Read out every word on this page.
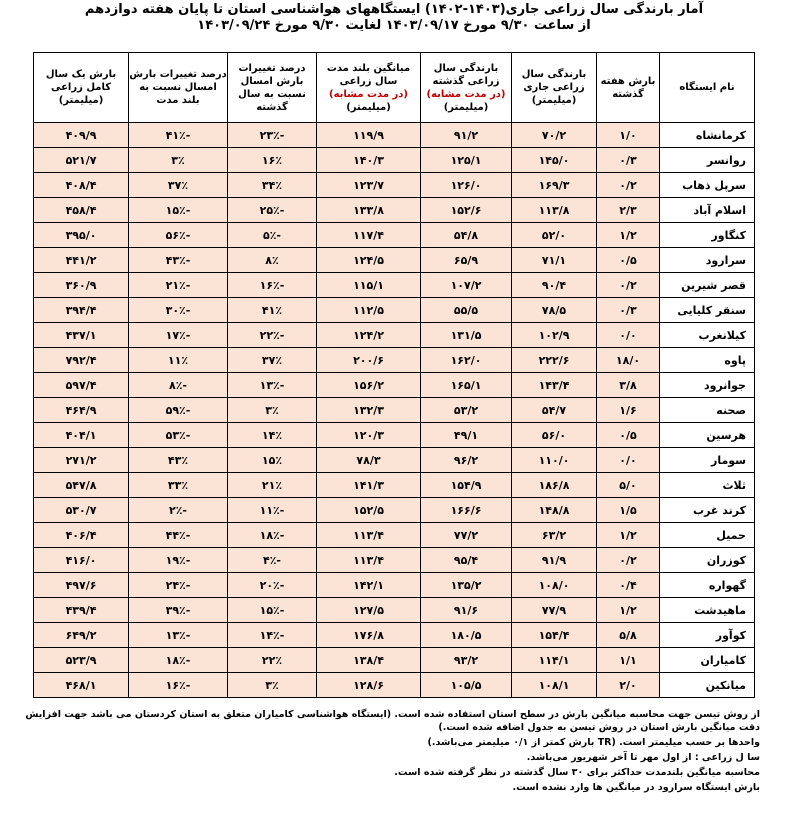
آمار بارندگی سال زراعی جاری(۱۴۰۳-۱۴۰۲) ایستگاههای هواشناسی استان تا پایان هفته دوازدهم
از ساعت ۹/۳۰ مورخ ۱۴۰۳/۰۹/۱۷ لغایت ۹/۳۰ مورخ ۱۴۰۳/۰۹/۲۴
نام ایستگاه	بارش هفته گذشته	بارندگی سال زراعی جاری (میلیمتر)	بارندگی سال زراعی گذشته
(در مدت مشابه)
(میلیمتر)	میانگین بلند مدت سال زراعی
(در مدت مشابه)
(میلیمتر)	درصد تغییرات بارش امسال نسبت به سال گذشته	درصد تغییرات بارش امسال نسبت به بلند مدت	بارش یک سال کامل زراعی (میلیمتر)
کرمانشاه	۱/۰	۷۰/۲	۹۱/۲	۱۱۹/۹	-۲۳٪	-۴۱٪	۴۰۹/۹
روانسر	۰/۳	۱۴۵/۰	۱۲۵/۱	۱۴۰/۳	۱۶٪	۳٪	۵۲۱/۷
سرپل ذهاب	۰/۲	۱۶۹/۳	۱۲۶/۰	۱۲۳/۷	۳۴٪	۳۷٪	۴۰۸/۴
اسلام آباد	۲/۳	۱۱۳/۸	۱۵۲/۶	۱۳۳/۸	-۲۵٪	-۱۵٪	۴۵۸/۴
کنگاور	۱/۲	۵۲/۰	۵۴/۸	۱۱۷/۴	-۵٪	-۵۶٪	۳۹۵/۰
سرارود	۰/۵	۷۱/۱	۶۵/۹	۱۲۴/۵	۸٪	-۴۳٪	۴۴۱/۲
قصر شیرین	۰/۲	۹۰/۴	۱۰۷/۲	۱۱۵/۱	-۱۶٪	-۲۱٪	۳۶۰/۹
سنقر کلیایی	۰/۳	۷۸/۵	۵۵/۵	۱۱۲/۵	۴۱٪	-۳۰٪	۳۹۴/۴
کیلانغرب	۰/۰	۱۰۲/۹	۱۳۱/۵	۱۲۴/۲	-۲۲٪	-۱۷٪	۴۳۷/۱
پاوه	۱۸/۰	۲۲۲/۶	۱۶۲/۰	۲۰۰/۶	۳۷٪	۱۱٪	۷۹۲/۴
جوانرود	۳/۸	۱۴۳/۴	۱۶۵/۱	۱۵۶/۲	-۱۳٪	-۸٪	۵۹۷/۴
صحنه	۱/۶	۵۴/۷	۵۳/۲	۱۳۲/۳	۳٪	-۵۹٪	۴۶۴/۹
هرسین	۰/۵	۵۶/۰	۴۹/۱	۱۲۰/۳	۱۴٪	-۵۳٪	۴۰۴/۱
سومار	۰/۰	۱۱۰/۰	۹۶/۲	۷۸/۳	۱۵٪	۴۳٪	۲۷۱/۲
ثلاث	۵/۰	۱۸۶/۸	۱۵۴/۹	۱۴۱/۳	۲۱٪	۳۳٪	۵۴۷/۸
کرند غرب	۱/۵	۱۴۸/۸	۱۶۶/۶	۱۵۲/۵	-۱۱٪	-۲٪	۵۳۰/۷
حمیل	۱/۲	۶۳/۲	۷۷/۲	۱۱۳/۴	-۱۸٪	-۴۴٪	۴۰۶/۴
کوزران	۰/۲	۹۱/۹	۹۵/۴	۱۱۳/۴	-۴٪	-۱۹٪	۴۱۶/۰
گهواره	۰/۴	۱۰۸/۰	۱۳۵/۲	۱۴۲/۱	-۲۰٪	-۲۴٪	۴۹۷/۶
ماهیدشت	۱/۲	۷۷/۹	۹۱/۶	۱۲۷/۵	-۱۵٪	-۳۹٪	۴۳۹/۴
کوآور	۵/۸	۱۵۴/۴	۱۸۰/۵	۱۷۶/۸	-۱۴٪	-۱۳٪	۶۴۹/۲
کامیاران	۱/۱	۱۱۴/۱	۹۳/۲	۱۳۸/۴	۲۲٪	-۱۸٪	۵۲۳/۹
میانکین	۲/۰	۱۰۸/۱	۱۰۵/۵	۱۲۸/۶	۳٪	-۱۶٪	۴۶۸/۱

از روش تیسن جهت محاسبه میانگین بارش در سطح استان استفاده شده است. (ایستگاه هواشناسی کامیاران متعلق به استان کردستان می باشد جهت افزایش دقت میانگین بارش استان در روش تیسن به جدول اضافه شده است.)

واحدها بر حسب میلیمتر است. (TR بارش کمتر از ۰/۱ میلیمتر می‌باشد.)

سا ل زراعی : از اول مهر تا آخر شهریور می‌باشد.

محاسبه میانگین بلندمدت حداکثر برای ۳۰ سال گذشته در نظر گرفته شده است.

بارش ایستگاه سرارود در میانگین ها وارد نشده است.
